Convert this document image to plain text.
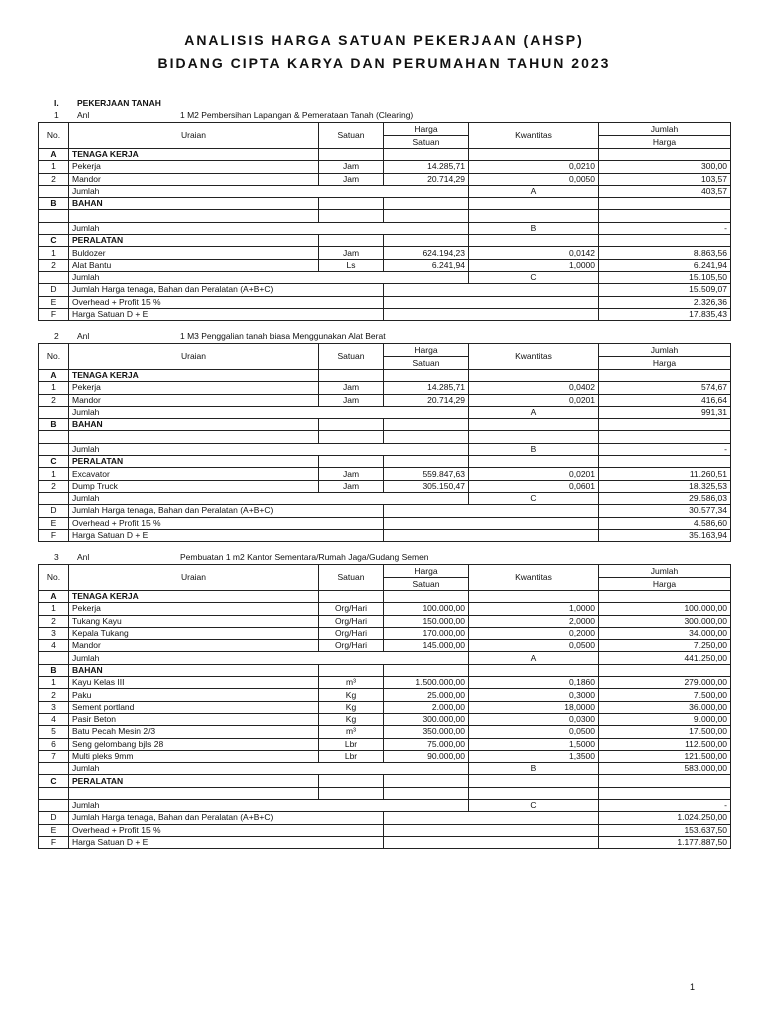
ANALISIS HARGA SATUAN PEKERJAAN (AHSP)
BIDANG CIPTA KARYA DAN PERUMAHAN TAHUN 2023
I. PEKERJAAN TANAH
1 Anl	1 M2 Pembersihan Lapangan & Pemerataan Tanah (Clearing)
No.	Uraian	Satuan	Harga	Kwantitas	Jumlah
			Satuan		Harga
A	TENAGA KERJA				
1	Pekerja	Jam	14.285,71	0,0210	300,00
2	Mandor	Jam	20.714,29	0,0050	103,57
	Jumlah			A	403,57
B	BAHAN				

	Jumlah			B	-
C	PERALATAN				
1	Buldozer	Jam	624.194,23	0,0142	8.863,56
2	Alat Bantu	Ls	6.241,94	1,0000	6.241,94
	Jumlah			C	15.105,50
D	Jumlah Harga tenaga, Bahan dan Peralatan (A+B+C)				15.509,07
E	Overhead + Profit 15 %				2.326,36
F	Harga Satuan D + E				17.835,43
2 Anl	1 M3 Penggalian tanah biasa Menggunakan Alat Berat
No.	Uraian	Satuan	Harga	Kwantitas	Jumlah
			Satuan		Harga
A	TENAGA KERJA				
1	Pekerja	Jam	14.285,71	0,0402	574,67
2	Mandor	Jam	20.714,29	0,0201	416,64
	Jumlah			A	991,31
B	BAHAN				

	Jumlah			B	-
C	PERALATAN				
1	Excavator	Jam	559.847,63	0,0201	11.260,51
2	Dump Truck	Jam	305.150,47	0,0601	18.325,53
	Jumlah			C	29.586,03
D	Jumlah Harga tenaga, Bahan dan Peralatan (A+B+C)				30.577,34
E	Overhead + Profit 15 %				4.586,60
F	Harga Satuan D + E				35.163,94
3 Anl	Pembuatan 1 m2 Kantor Sementara/Rumah Jaga/Gudang Semen
No.	Uraian	Satuan	Harga	Kwantitas	Jumlah
			Satuan		Harga
A	TENAGA KERJA				
1	Pekerja	Org/Hari	100.000,00	1,0000	100.000,00
2	Tukang Kayu	Org/Hari	150.000,00	2,0000	300.000,00
3	Kepala Tukang	Org/Hari	170.000,00	0,2000	34.000,00
4	Mandor	Org/Hari	145.000,00	0,0500	7.250,00
	Jumlah			A	441.250,00
B	BAHAN				
1	Kayu Kelas III	m³	1.500.000,00	0,1860	279.000,00
2	Paku	Kg	25.000,00	0,3000	7.500,00
3	Sement portland	Kg	2.000,00	18,0000	36.000,00
4	Pasir Beton	Kg	300.000,00	0,0300	9.000,00
5	Batu Pecah Mesin 2/3	m³	350.000,00	0,0500	17.500,00
6	Seng gelombang bjls 28	Lbr	75.000,00	1,5000	112.500,00
7	Multi pleks 9mm	Lbr	90.000,00	1,3500	121.500,00
	Jumlah			B	583.000,00
C	PERALATAN				

	Jumlah			C	-
D	Jumlah Harga tenaga, Bahan dan Peralatan (A+B+C)				1.024.250,00
E	Overhead + Profit 15 %				153.637,50
F	Harga Satuan D + E				1.177.887,50
1
